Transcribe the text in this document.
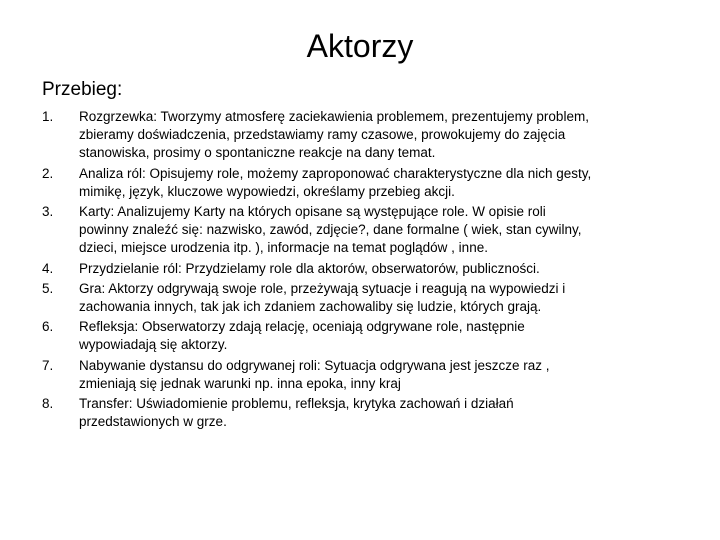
Aktorzy
Przebieg:
1.	Rozgrzewka: Tworzymy atmosferę zaciekawienia problemem, prezentujemy problem,
zbieramy doświadczenia, przedstawiamy ramy czasowe, prowokujemy do zajęcia
stanowiska, prosimy o spontaniczne reakcje na dany temat.
2.	Analiza ról: Opisujemy role, możemy zaproponować charakterystyczne dla nich gesty,
mimikę, język, kluczowe wypowiedzi, określamy przebieg akcji.
3.	Karty: Analizujemy Karty na których opisane są występujące role. W opisie roli
powinny znaleźć się: nazwisko, zawód, zdjęcie?, dane formalne ( wiek, stan cywilny,
dzieci, miejsce urodzenia itp. ), informacje na temat poglądów , inne.
4.	Przydzielanie ról: Przydzielamy role dla aktorów, obserwatorów, publiczności.
5.	Gra: Aktorzy odgrywają swoje role, przeżywają sytuacje i reagują na wypowiedzi i
zachowania innych, tak jak ich zdaniem zachowaliby się ludzie, których grają.
6.	Refleksja: Obserwatorzy zdają relację, oceniają odgrywane role, następnie
wypowiadają się aktorzy.
7.	Nabywanie dystansu do odgrywanej roli: Sytuacja odgrywana jest jeszcze raz ,
zmieniają się jednak warunki np. inna epoka, inny kraj
8.	Transfer: Uświadomienie problemu, refleksja, krytyka zachowań i działań
przedstawionych w grze.
